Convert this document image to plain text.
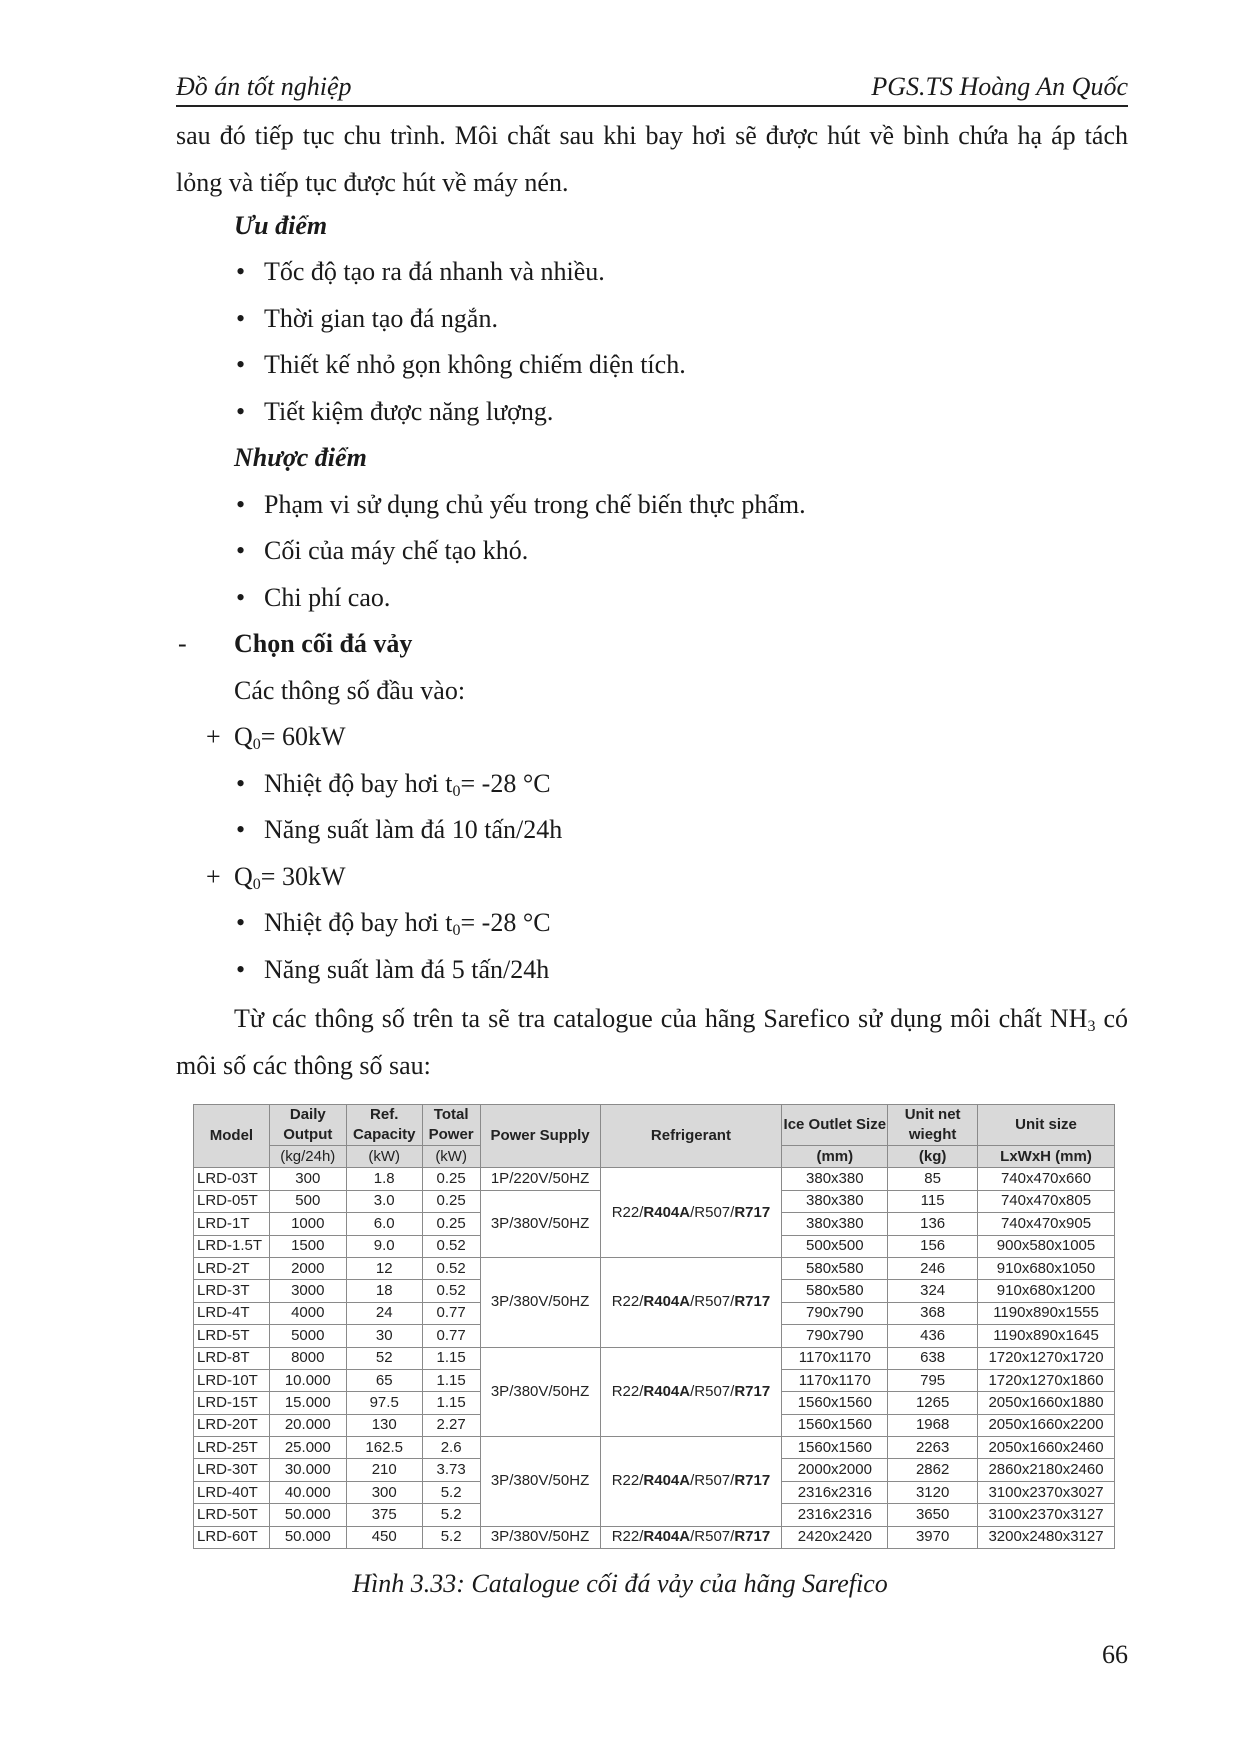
Đồ án tốt nghiệp	PGS.TS Hoàng An Quốc
sau đó tiếp tục chu trình. Môi chất sau khi bay hơi sẽ được hút về bình chứa hạ áp tách lỏng và tiếp tục được hút về máy nén.
Ưu điểm
• Tốc độ tạo ra đá nhanh và nhiều.
• Thời gian tạo đá ngắn.
• Thiết kế nhỏ gọn không chiếm diện tích.
• Tiết kiệm được năng lượng.
Nhược điểm
• Phạm vi sử dụng chủ yếu trong chế biến thực phẩm.
• Cối của máy chế tạo khó.
• Chi phí cao.
- Chọn cối đá vảy
Các thông số đầu vào:
+ $Q_0= 60kW$
• Nhiệt độ bay hơi $t_0= -28$ °C
• Năng suất làm đá 10 tấn/24h
+ $Q_0= 30kW$
• Nhiệt độ bay hơi $t_0= -28$ °C
• Năng suất làm đá 5 tấn/24h
Từ các thông số trên ta sẽ tra catalogue của hãng Sarefico sử dụng môi chất $NH_3$ có môi số các thông số sau:
Model	Daily Output	Ref. Capacity	Total Power	Power Supply	Refrigerant	Ice Outlet Size	Unit net wieght	Unit size
	(kg/24h)	(kW)	(kW)			(mm)	(kg)	LxWxH (mm)
LRD-03T	300	1.8	0.25	1P/220V/50HZ	R22/R404A/R507/R717	380x380	85	740x470x660
LRD-05T	500	3.0	0.25	3P/380V/50HZ		380x380	115	740x470x805
LRD-1T	1000	6.0	0.25			380x380	136	740x470x905
LRD-1.5T	1500	9.0	0.52			500x500	156	900x580x1005
LRD-2T	2000	12	0.52	3P/380V/50HZ	R22/R404A/R507/R717	580x580	246	910x680x1050
LRD-3T	3000	18	0.52			580x580	324	910x680x1200
LRD-4T	4000	24	0.77			790x790	368	1190x890x1555
LRD-5T	5000	30	0.77			790x790	436	1190x890x1645
LRD-8T	8000	52	1.15	3P/380V/50HZ	R22/R404A/R507/R717	1170x1170	638	1720x1270x1720
LRD-10T	10.000	65	1.15			1170x1170	795	1720x1270x1860
LRD-15T	15.000	97.5	1.15			1560x1560	1265	2050x1660x1880
LRD-20T	20.000	130	2.27			1560x1560	1968	2050x1660x2200
LRD-25T	25.000	162.5	2.6	3P/380V/50HZ	R22/R404A/R507/R717	1560x1560	2263	2050x1660x2460
LRD-30T	30.000	210	3.73			2000x2000	2862	2860x2180x2460
LRD-40T	40.000	300	5.2			2316x2316	3120	3100x2370x3027
LRD-50T	50.000	375	5.2			2316x2316	3650	3100x2370x3127
LRD-60T	50.000	450	5.2	3P/380V/50HZ	R22/R404A/R507/R717	2420x2420	3970	3200x2480x3127
Hình 3.33: Catalogue cối đá vảy của hãng Sarefico
66
